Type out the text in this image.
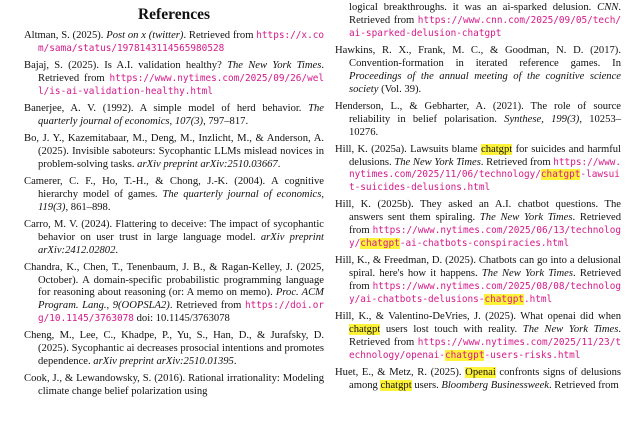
References

Altman, S. (2025). Post on x (twitter). Retrieved from https://x.com/sama/status/1978143114565980528

Bajaj, S. (2025). Is A.I. validation healthy? The New York Times. Retrieved from https://www.nytimes.com/2025/09/26/well/is-ai-validation-healthy.html

Banerjee, A. V. (1992). A simple model of herd behavior. The quarterly journal of economics, 107(3), 797–817.

Bo, J. Y., Kazemitabaar, M., Deng, M., Inzlicht, M., & Anderson, A. (2025). Invisible saboteurs: Sycophantic LLMs mislead novices in problem-solving tasks. arXiv preprint arXiv:2510.03667.

Camerer, C. F., Ho, T.-H., & Chong, J.-K. (2004). A cognitive hierarchy model of games. The quarterly journal of economics, 119(3), 861–898.

Carro, M. V. (2024). Flattering to deceive: The impact of sycophantic behavior on user trust in large language model. arXiv preprint arXiv:2412.02802.

Chandra, K., Chen, T., Tenenbaum, J. B., & Ragan-Kelley, J. (2025, October). A domain-specific probabilistic programming language for reasoning about reasoning (or: A memo on memo). Proc. ACM Program. Lang., 9(OOPSLA2). Retrieved from https://doi.org/10.1145/3763078 doi: 10.1145/3763078

Cheng, M., Lee, C., Khadpe, P., Yu, S., Han, D., & Jurafsky, D. (2025). Sycophantic ai decreases prosocial intentions and promotes dependence. arXiv preprint arXiv:2510.01395.

Cook, J., & Lewandowsky, S. (2016). Rational irrationality: Modeling climate change belief polarization using

logical breakthroughs. it was an ai-sparked delusion. CNN. Retrieved from https://www.cnn.com/2025/09/05/tech/ai-sparked-delusion-chatgpt

Hawkins, R. X., Frank, M. C., & Goodman, N. D. (2017). Convention-formation in iterated reference games. In Proceedings of the annual meeting of the cognitive science society (Vol. 39).

Henderson, L., & Gebharter, A. (2021). The role of source reliability in belief polarisation. Synthese, 199(3), 10253–10276.

Hill, K. (2025a). Lawsuits blame chatgpt for suicides and harmful delusions. The New York Times. Retrieved from https://www.nytimes.com/2025/11/06/technology/chatgpt-lawsuit-suicides-delusions.html

Hill, K. (2025b). They asked an A.I. chatbot questions. The answers sent them spiraling. The New York Times. Retrieved from https://www.nytimes.com/2025/06/13/technology/chatgpt-ai-chatbots-conspiracies.html

Hill, K., & Freedman, D. (2025). Chatbots can go into a delusional spiral. here's how it happens. The New York Times. Retrieved from https://www.nytimes.com/2025/08/08/technology/ai-chatbots-delusions-chatgpt.html

Hill, K., & Valentino-DeVries, J. (2025). What openai did when chatgpt users lost touch with reality. The New York Times. Retrieved from https://www.nytimes.com/2025/11/23/technology/openai-chatgpt-users-risks.html

Huet, E., & Metz, R. (2025). Openai confronts signs of delusions among chatgpt users. Bloomberg Businessweek. Retrieved from
